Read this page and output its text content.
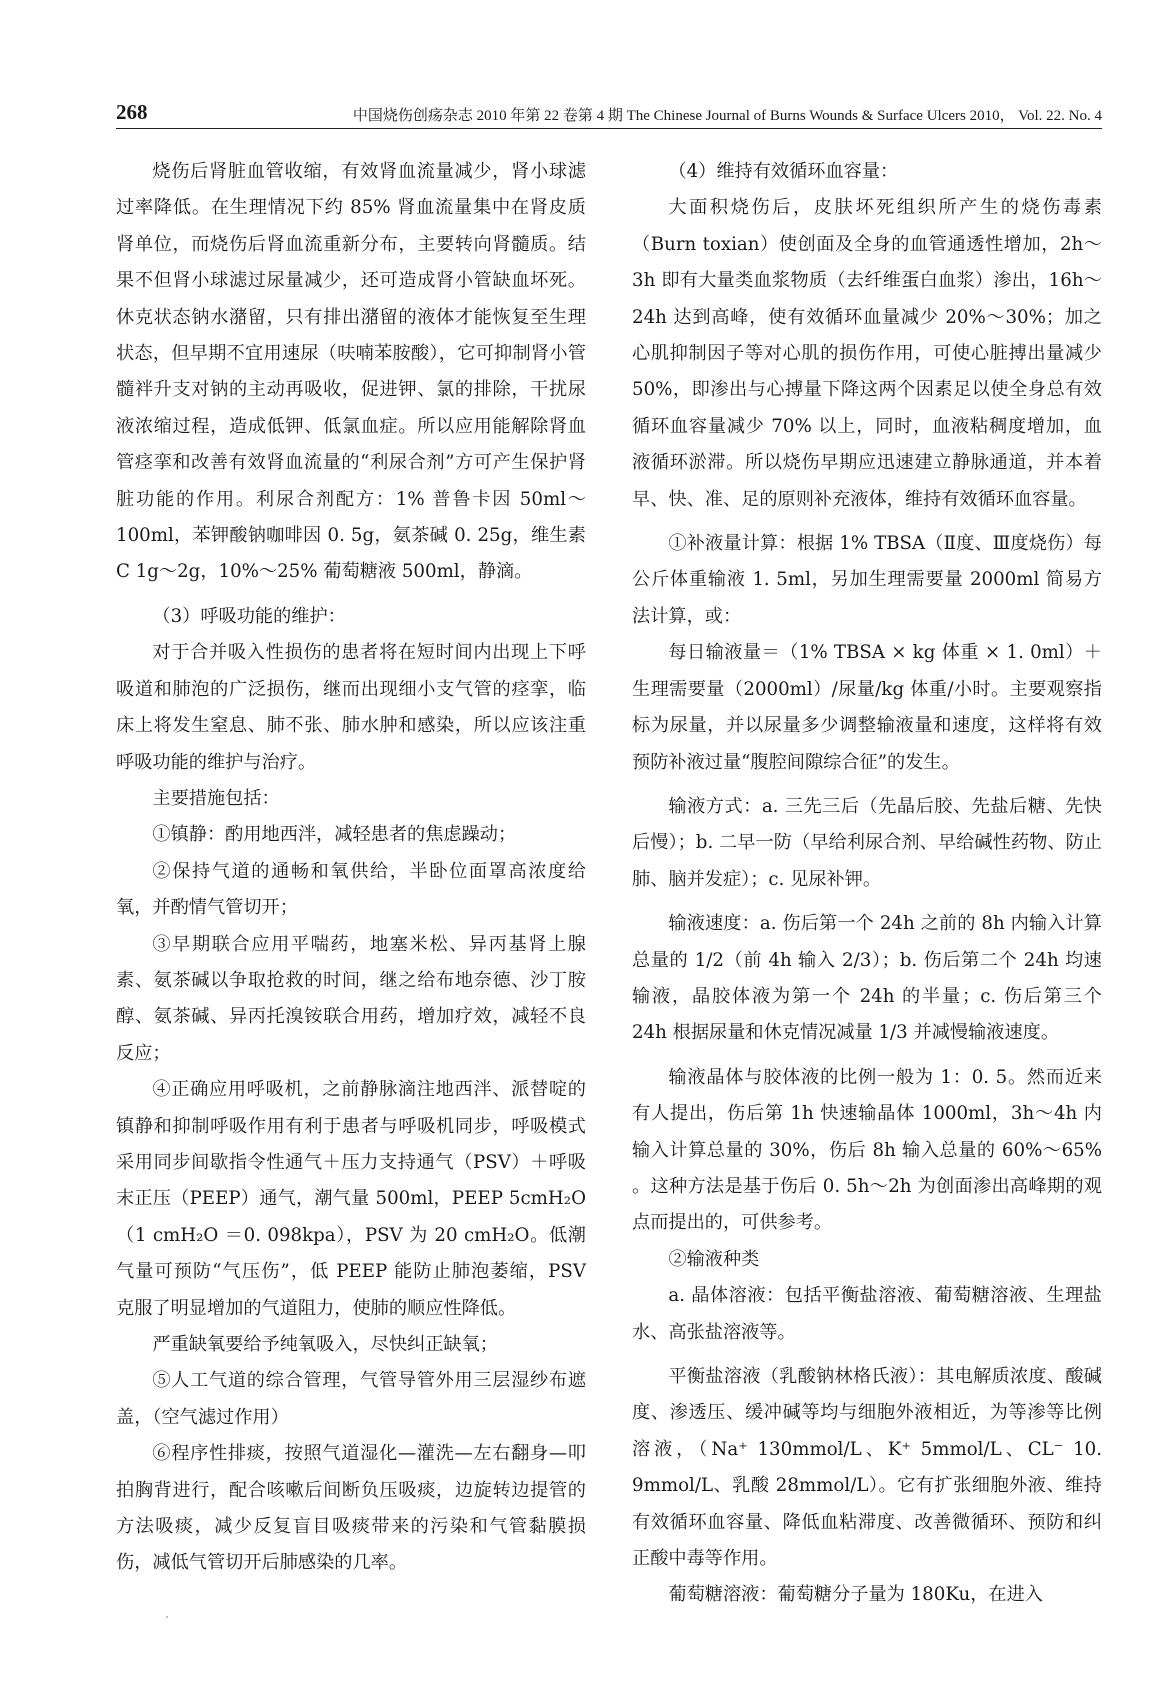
268	中国烧伤创疡杂志 2010 年第 22 卷第 4 期 The Chinese Journal of Burns Wounds & Surface Ulcers 2010， Vol. 22. No. 4

烧伤后肾脏血管收缩，有效肾血流量减少，肾小球滤过率降低。在生理情况下约 85% 肾血流量集中在肾皮质肾单位，而烧伤后肾血流重新分布，主要转向肾髓质。结果不但肾小球滤过尿量减少，还可造成肾小管缺血坏死。休克状态钠水潴留，只有排出潴留的液体才能恢复至生理状态，但早期不宜用速尿（呋喃苯胺酸），它可抑制肾小管髓袢升支对钠的主动再吸收，促进钾、氯的排除，干扰尿液浓缩过程，造成低钾、低氯血症。所以应用能解除肾血管痉挛和改善有效肾血流量的“利尿合剂”方可产生保护肾脏功能的作用。利尿合剂配方：1% 普鲁卡因 50ml～100ml，苯钾酸钠咖啡因 0. 5g，氨茶碱 0. 25g，维生素 C 1g～2g，10%～25% 葡萄糖液 500ml，静滴。

（3）呼吸功能的维护：

对于合并吸入性损伤的患者将在短时间内出现上下呼吸道和肺泡的广泛损伤，继而出现细小支气管的痉挛，临床上将发生窒息、肺不张、肺水肿和感染，所以应该注重呼吸功能的维护与治疗。

主要措施包括：

①镇静：酌用地西泮，减轻患者的焦虑躁动；

②保持气道的通畅和氧供给，半卧位面罩高浓度给氧，并酌情气管切开；

③早期联合应用平喘药，地塞米松、异丙基肾上腺素、氨茶碱以争取抢救的时间，继之给布地奈德、沙丁胺醇、氨茶碱、异丙托溴铵联合用药，增加疗效，减轻不良反应；

④正确应用呼吸机，之前静脉滴注地西泮、派替啶的镇静和抑制呼吸作用有利于患者与呼吸机同步，呼吸模式采用同步间歇指令性通气＋压力支持通气（PSV）＋呼吸末正压（PEEP）通气，潮气量 500ml，PEEP 5cmH₂O（1 cmH₂O ＝0. 098kpa），PSV 为 20 cmH₂O。低潮气量可预防“气压伤”，低 PEEP 能防止肺泡萎缩，PSV 克服了明显增加的气道阻力，使肺的顺应性降低。

严重缺氧要给予纯氧吸入，尽快纠正缺氧；

⑤人工气道的综合管理，气管导管外用三层湿纱布遮盖，（空气滤过作用）

⑥程序性排痰，按照气道湿化—灌洗—左右翻身—叩拍胸背进行，配合咳嗽后间断负压吸痰，边旋转边提管的方法吸痰，减少反复盲目吸痰带来的污染和气管黏膜损伤，减低气管切开后肺感染的几率。

（4）维持有效循环血容量：

大面积烧伤后，皮肤坏死组织所产生的烧伤毒素（Burn toxian）使创面及全身的血管通透性增加，2h～3h 即有大量类血浆物质（去纤维蛋白血浆）渗出，16h～24h 达到高峰，使有效循环血量减少 20%～30%；加之心肌抑制因子等对心肌的损伤作用，可使心脏搏出量减少 50%，即渗出与心搏量下降这两个因素足以使全身总有效循环血容量减少 70% 以上，同时，血液粘稠度增加，血液循环淤滞。所以烧伤早期应迅速建立静脉通道，并本着早、快、准、足的原则补充液体，维持有效循环血容量。

①补液量计算：根据 1% TBSA（Ⅱ度、Ⅲ度烧伤）每公斤体重输液 1. 5ml，另加生理需要量 2000ml 简易方法计算，或：

每日输液量＝（1% TBSA × kg 体重 × 1. 0ml）＋ 生理需要量（2000ml）/尿量/kg 体重/小时。主要观察指标为尿量，并以尿量多少调整输液量和速度，这样将有效预防补液过量“腹腔间隙综合征”的发生。

输液方式：a. 三先三后（先晶后胶、先盐后糖、先快后慢）；b. 二早一防（早给利尿合剂、早给碱性药物、防止肺、脑并发症）；c. 见尿补钾。

输液速度：a. 伤后第一个 24h 之前的 8h 内输入计算总量的 1/2（前 4h 输入 2/3）；b. 伤后第二个 24h 均速输液，晶胶体液为第一个 24h 的半量；c. 伤后第三个 24h 根据尿量和休克情况减量 1/3 并减慢输液速度。

输液晶体与胶体液的比例一般为 1：0. 5。然而近来有人提出，伤后第 1h 快速输晶体 1000ml，3h～4h 内输入计算总量的 30%，伤后 8h 输入总量的 60%～65% 。这种方法是基于伤后 0. 5h～2h 为创面渗出高峰期的观点而提出的，可供参考。

②输液种类

a. 晶体溶液：包括平衡盐溶液、葡萄糖溶液、生理盐水、高张盐溶液等。

平衡盐溶液（乳酸钠林格氏液）：其电解质浓度、酸碱度、渗透压、缓冲碱等均与细胞外液相近，为等渗等比例溶液，（Na⁺ 130mmol/L、K⁺ 5mmol/L、CL⁻ 10. 9mmol/L、乳酸 28mmol/L）。它有扩张细胞外液、维持有效循环血容量、降低血粘滞度、改善微循环、预防和纠正酸中毒等作用。

葡萄糖溶液：葡萄糖分子量为 180Ku，在进入
